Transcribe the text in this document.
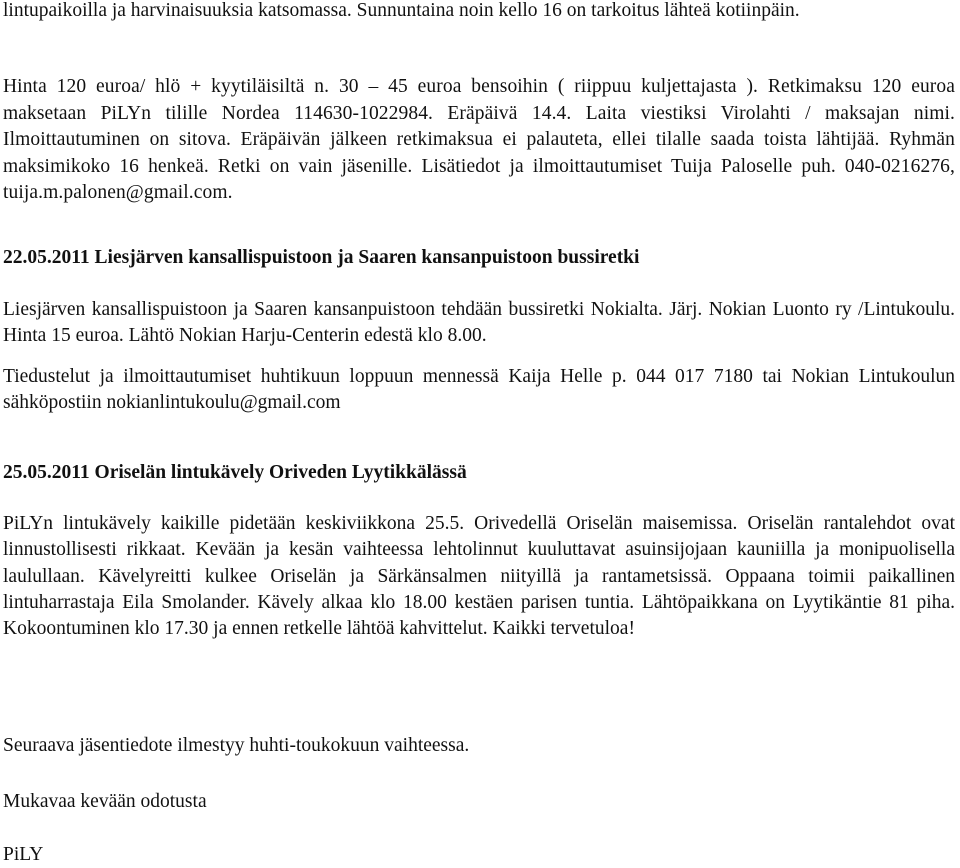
lintupaikoilla ja harvinaisuuksia katsomassa. Sunnuntaina noin kello 16 on tarkoitus lähteä kotiinpäin.

Hinta 120 euroa/ hlö + kyytiläisiltä n. 30 – 45 euroa bensoihin ( riippuu kuljettajasta ). Retkimaksu 120 euroa maksetaan PiLYn tilille Nordea 114630-1022984. Eräpäivä 14.4. Laita viestiksi Virolahti / maksajan nimi. Ilmoittautuminen on sitova. Eräpäivän jälkeen retkimaksua ei palauteta, ellei tilalle saada toista lähtijää. Ryhmän maksimikoko 16 henkeä. Retki on vain jäsenille. Lisätiedot ja ilmoittautumiset Tuija Paloselle puh. 040-0216276, tuija.m.palonen@gmail.com.

22.05.2011 Liesjärven kansallispuistoon ja Saaren kansanpuistoon bussiretki

Liesjärven kansallispuistoon ja Saaren kansanpuistoon tehdään bussiretki Nokialta. Järj. Nokian Luonto ry /Lintukoulu. Hinta 15 euroa. Lähtö Nokian Harju-Centerin edestä klo 8.00.

Tiedustelut ja ilmoittautumiset huhtikuun loppuun mennessä Kaija Helle p. 044 017 7180 tai Nokian Lintukoulun sähköpostiin nokianlintukoulu@gmail.com

25.05.2011 Oriselän lintukävely Oriveden Lyytikkälässä

PiLYn lintukävely kaikille pidetään keskiviikkona 25.5. Orivedellä Oriselän maisemissa. Oriselän rantalehdot ovat linnustollisesti rikkaat. Kevään ja kesän vaihteessa lehtolinnut kuuluttavat asuinsijojaan kauniilla ja monipuolisella laulullaan. Kävelyreitti kulkee Oriselän ja Särkänsalmen niityillä ja rantametsissä. Oppaana toimii paikallinen lintuharrastaja Eila Smolander. Kävely alkaa klo 18.00 kestäen parisen tuntia. Lähtöpaikkana on Lyytikäntie 81 piha. Kokoontuminen klo 17.30 ja ennen retkelle lähtöä kahvittelut. Kaikki tervetuloa!

Seuraava jäsentiedote ilmestyy huhti-toukokuun vaihteessa.

Mukavaa kevään odotusta

PiLY
